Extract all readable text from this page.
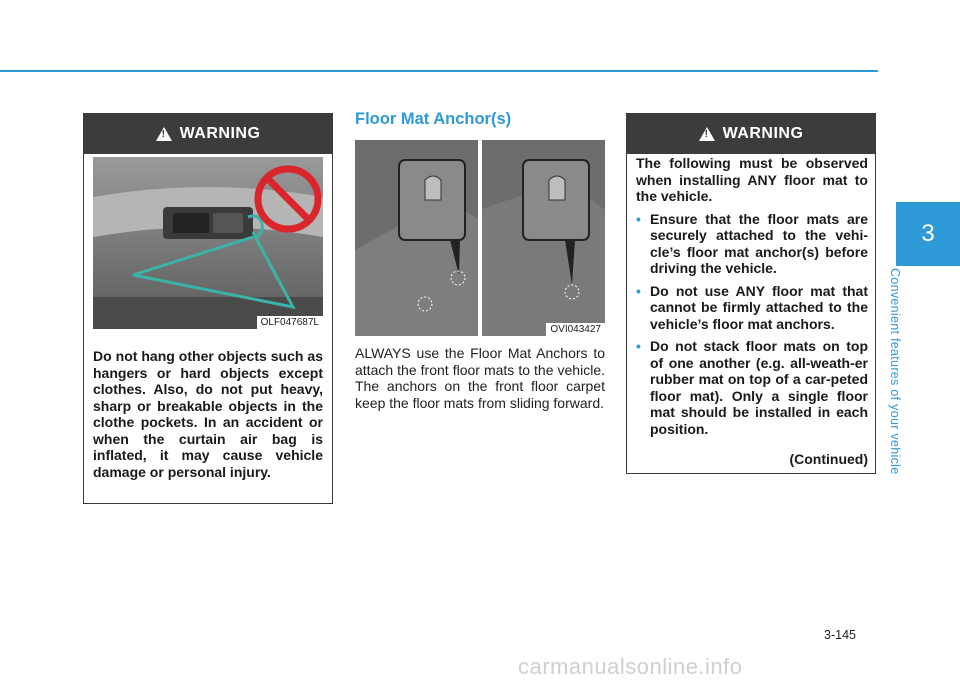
3
Convenient features of your vehicle
!
WARNING
OLF047687L
Do not hang other objects such as hangers or hard objects except clothes. Also, do not put heavy, sharp or breakable objects in the clothe pockets. In an accident or when the curtain air bag is inflated, it may cause vehicle damage or personal injury.
Floor Mat Anchor(s)
OVI043427
ALWAYS use the Floor Mat Anchors to attach the front floor mats to the vehicle. The anchors on the front floor carpet keep the floor mats from sliding forward.
!
WARNING

The following must be observed when installing ANY floor mat to the vehicle.

• Ensure that the floor mats are securely attached to the vehi-cle’s floor mat anchor(s) before driving the vehicle.

• Do not use ANY floor mat that cannot be firmly attached to the vehicle’s floor mat anchors.

• Do not stack floor mats on top of one another (e.g. all-weath-er rubber mat on top of a car-peted floor mat). Only a single floor mat should be installed in each position.

(Continued)

3-145
carmanualsonline.info
